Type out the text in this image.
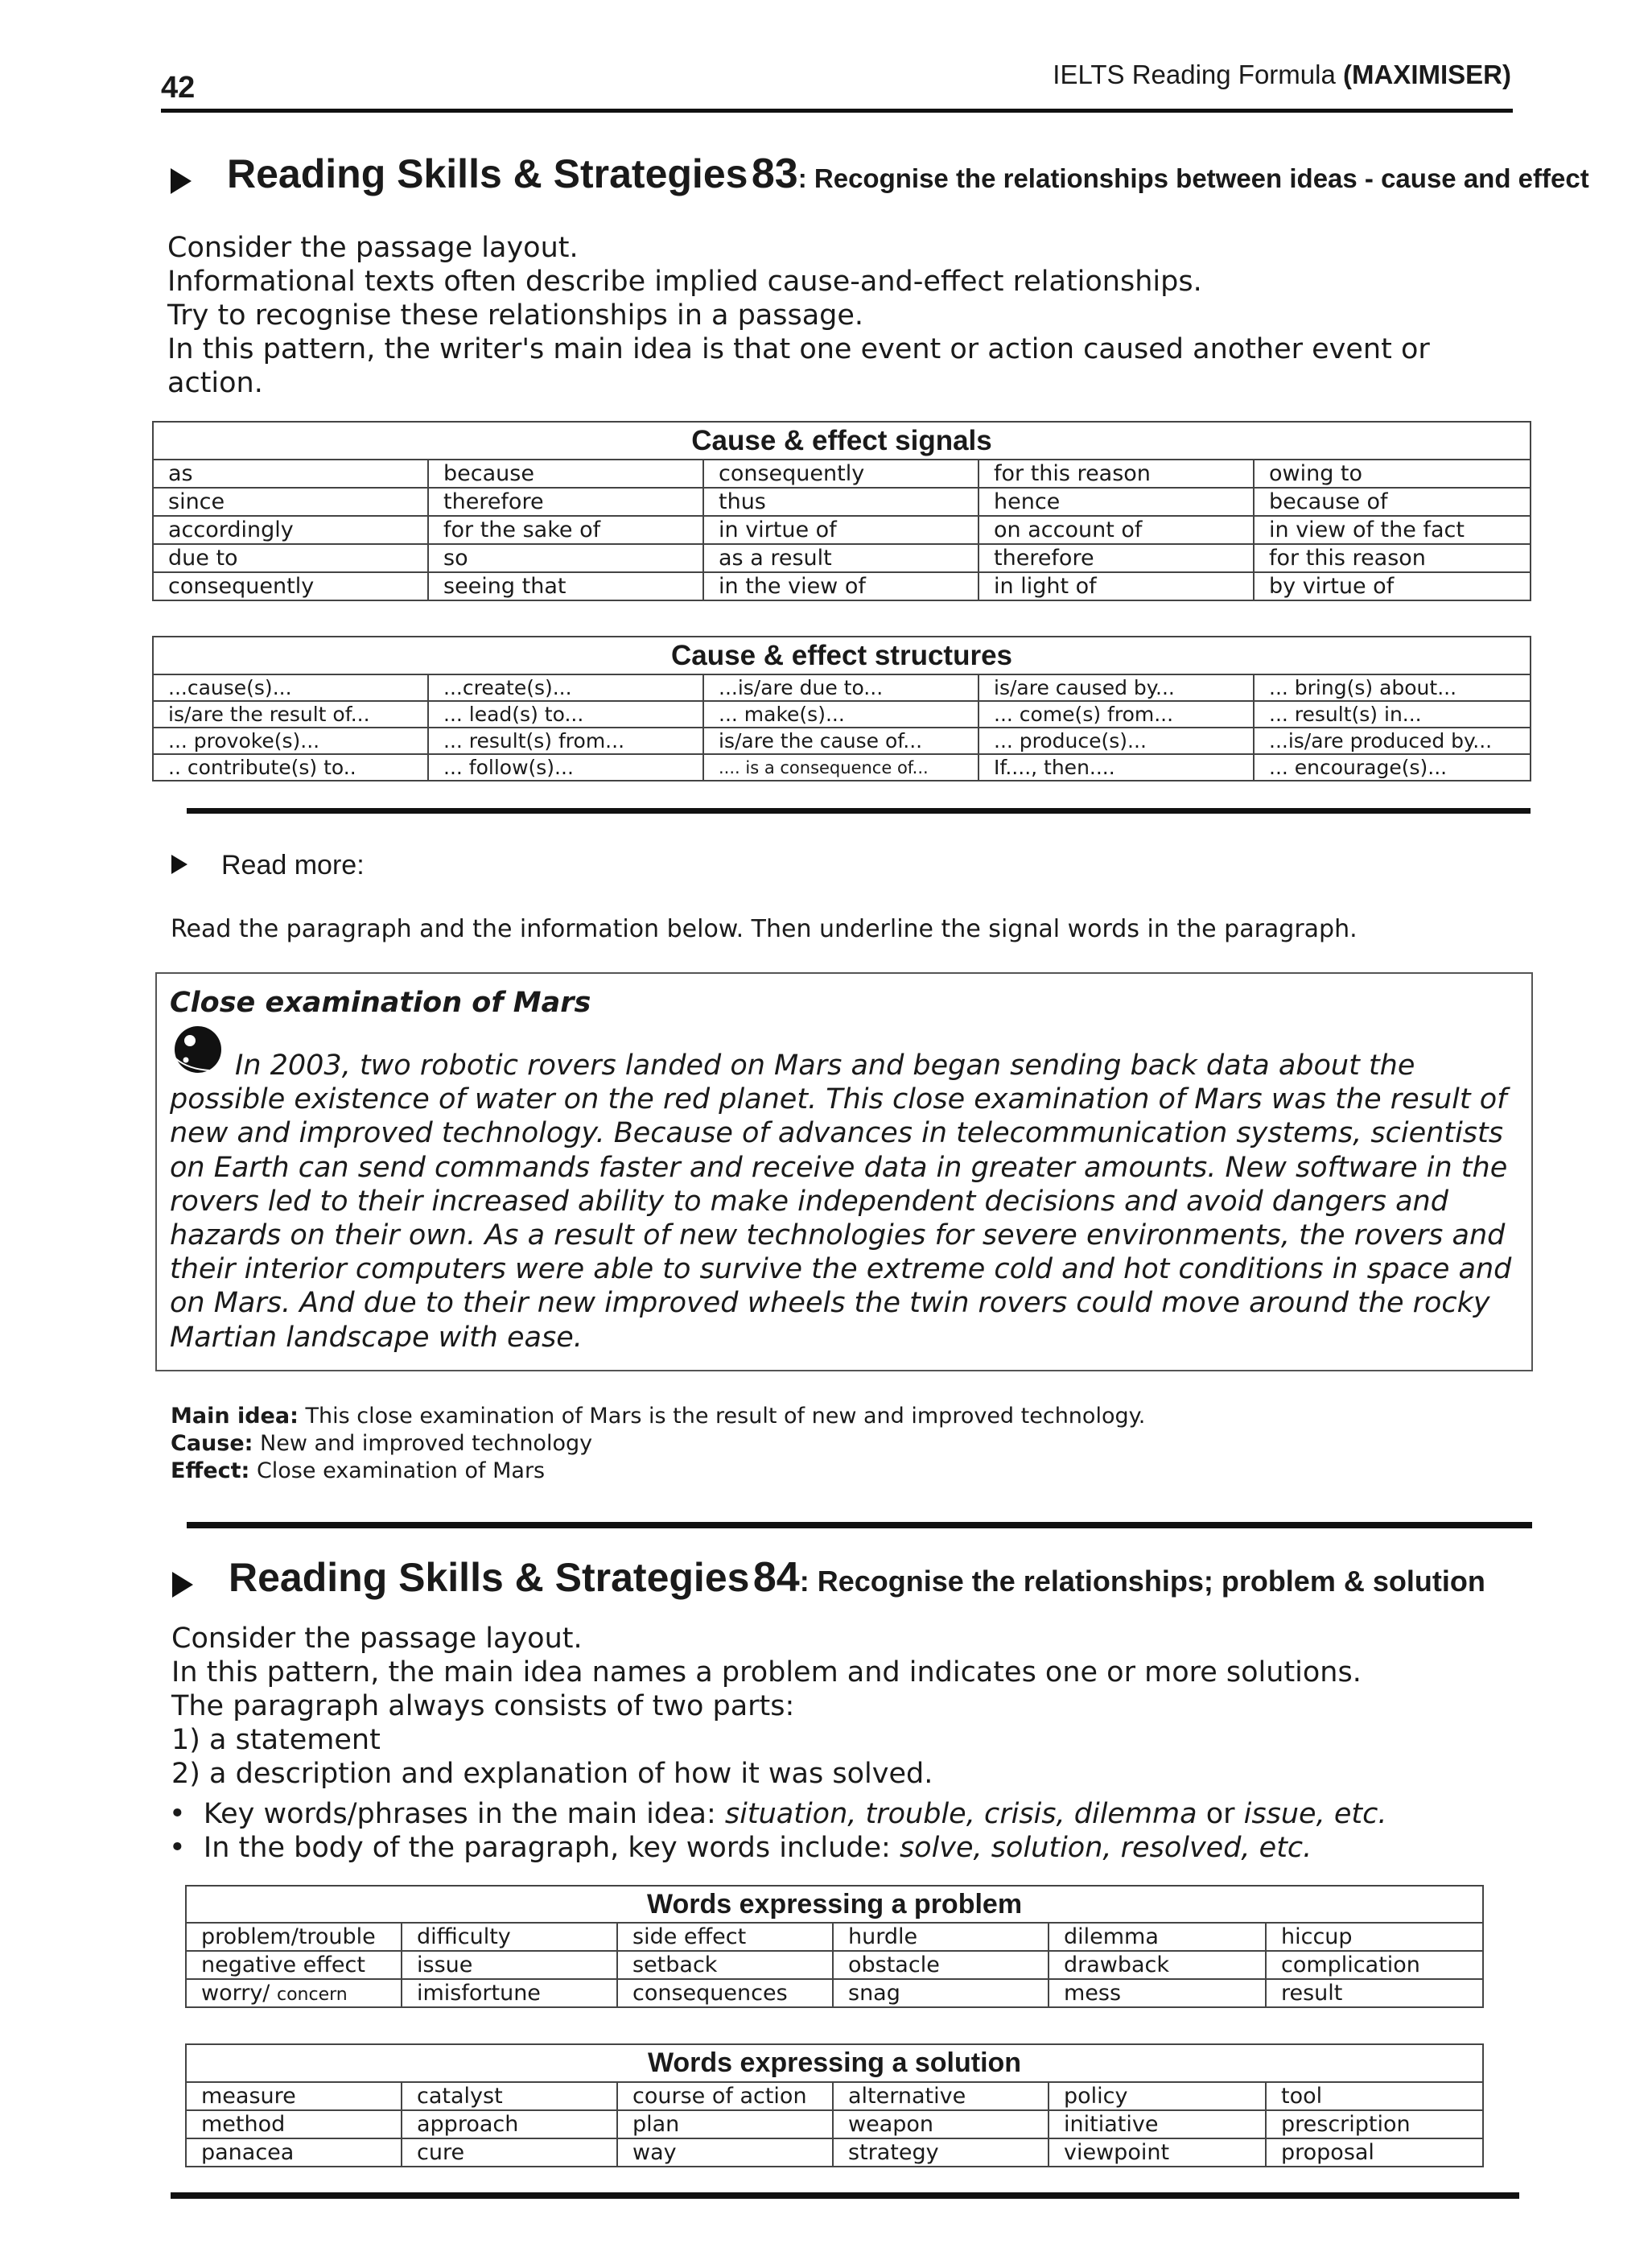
42	IELTS Reading Formula (MAXIMISER)
Reading Skills & Strategies 83: Recognise the relationships between ideas - cause and effect
Consider the passage layout.
Informational texts often describe implied cause-and-effect relationships.
Try to recognise these relationships in a passage.
In this pattern, the writer's main idea is that one event or action caused another event or
action.
Cause & effect signals				
as	because	consequently	for this reason	owing to
since	therefore	thus	hence	because of
accordingly	for the sake of	in virtue of	on account of	in view of the fact
due to	so	as a result	therefore	for this reason
consequently	seeing that	in the view of	in light of	by virtue of
Cause & effect structures				
...cause(s)...	...create(s)...	...is/are due to...	is/are caused by...	... bring(s) about...
is/are the result of...	... lead(s) to...	... make(s)...	... come(s) from...	... result(s) in...
... provoke(s)...	... result(s) from...	is/are the cause of...	... produce(s)...	...is/are produced by...
.. contribute(s) to..	... follow(s)...	.... is a consequence of...	If...., then....	... encourage(s)...
Read more:
Read the paragraph and the information below. Then underline the signal words in the paragraph.
Close examination of Mars
In 2003, two robotic rovers landed on Mars and began sending back data about the
possible existence of water on the red planet. This close examination of Mars was the result of
new and improved technology. Because of advances in telecommunication systems, scientists
on Earth can send commands faster and receive data in greater amounts. New software in the
rovers led to their increased ability to make independent decisions and avoid dangers and
hazards on their own. As a result of new technologies for severe environments, the rovers and
their interior computers were able to survive the extreme cold and hot conditions in space and
on Mars. And due to their new improved wheels the twin rovers could move around the rocky
Martian landscape with ease.
Main idea: This close examination of Mars is the result of new and improved technology.
Cause: New and improved technology
Effect: Close examination of Mars
Reading Skills & Strategies 84: Recognise the relationships; problem & solution
Consider the passage layout.
In this pattern, the main idea names a problem and indicates one or more solutions.
The paragraph always consists of two parts:
1) a statement
2) a description and explanation of how it was solved.
•  Key words/phrases in the main idea: situation, trouble, crisis, dilemma or issue, etc.
•  In the body of the paragraph, key words include: solve, solution, resolved, etc.
Words expressing a problem					
problem/trouble	difficulty	side effect	hurdle	dilemma	hiccup
negative effect	issue	setback	obstacle	drawback	complication
worry/ concern	imisfortune	consequences	snag	mess	result
Words expressing a solution					
measure	catalyst	course of action	alternative	policy	tool
method	approach	plan	weapon	initiative	prescription
panacea	cure	way	strategy	viewpoint	proposal
